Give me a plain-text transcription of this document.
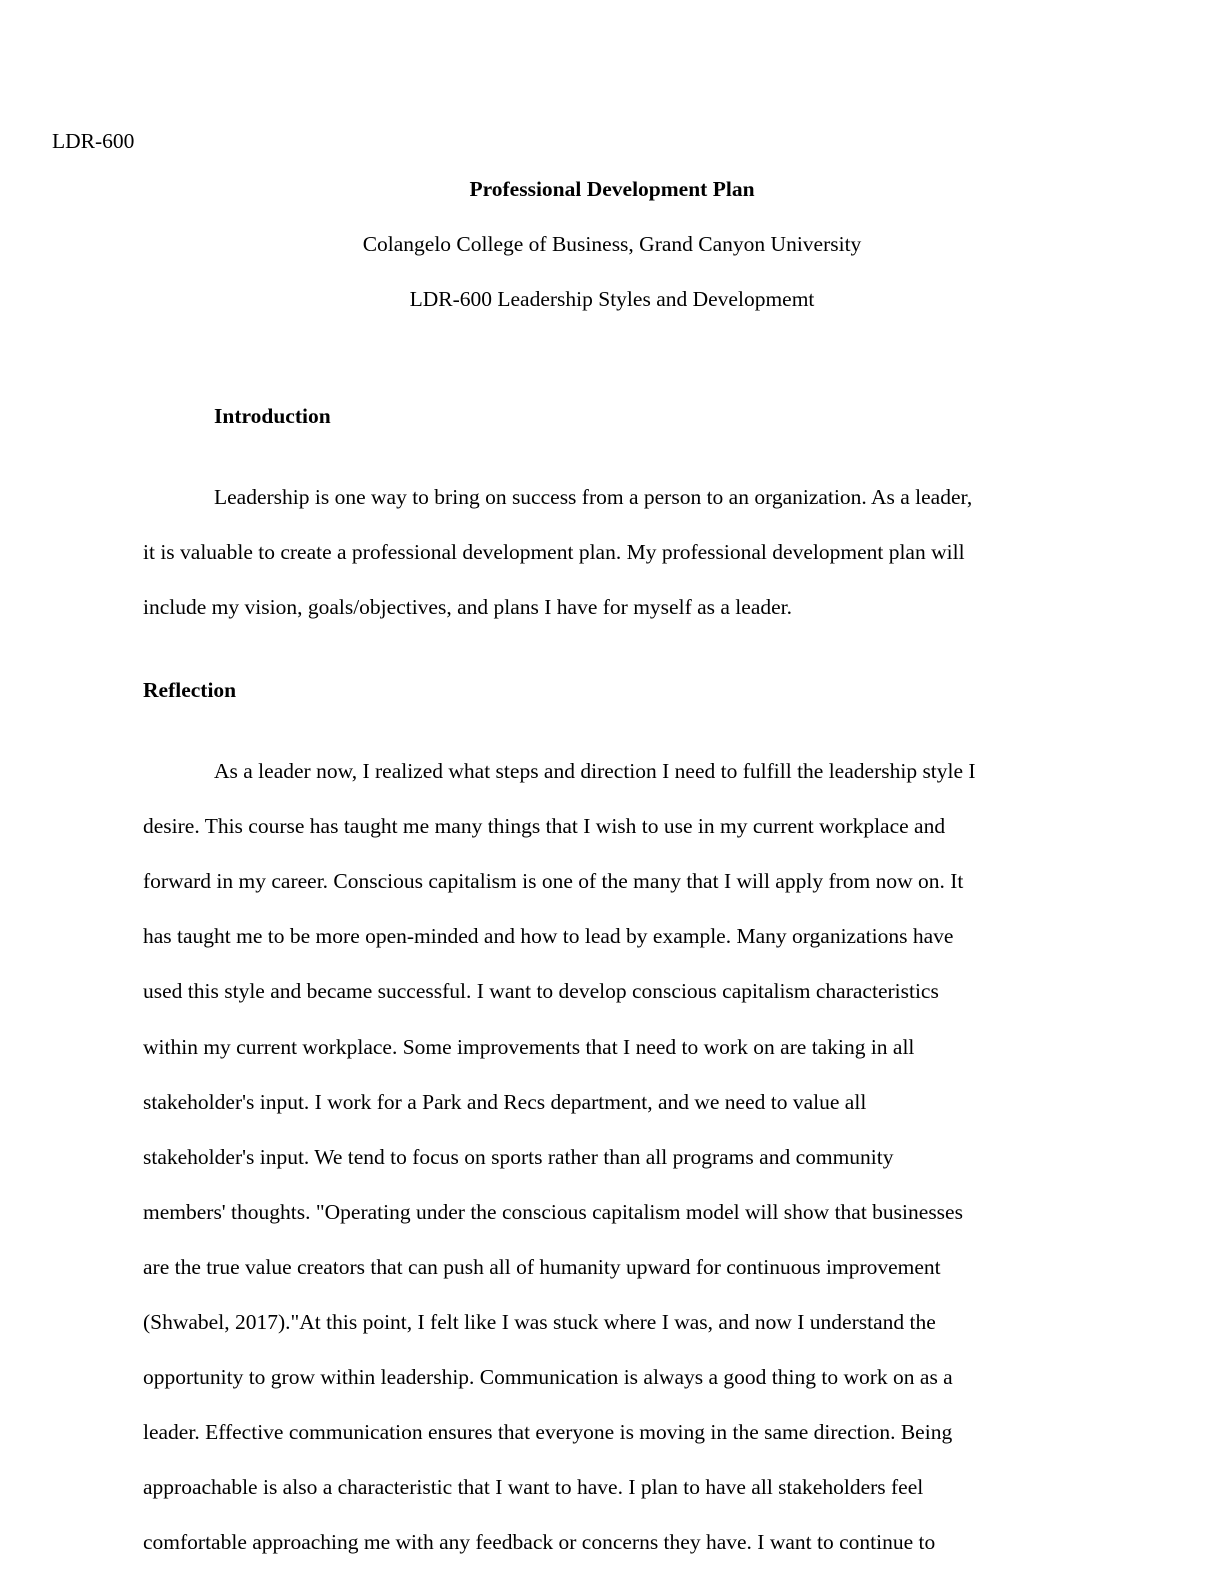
LDR-600
Professional Development Plan
Colangelo College of Business, Grand Canyon University
LDR-600 Leadership Styles and Developmemt
Introduction
Leadership is one way to bring on success from a person to an organization. As a leader,
it is valuable to create a professional development plan. My professional development plan will
include my vision, goals/objectives, and plans I have for myself as a leader.
Reflection
As a leader now, I realized what steps and direction I need to fulfill the leadership style I
desire. This course has taught me many things that I wish to use in my current workplace and
forward in my career. Conscious capitalism is one of the many that I will apply from now on. It
has taught me to be more open-minded and how to lead by example. Many organizations have
used this style and became successful. I want to develop conscious capitalism characteristics
within my current workplace. Some improvements that I need to work on are taking in all
stakeholder's input. I work for a Park and Recs department, and we need to value all
stakeholder's input. We tend to focus on sports rather than all programs and community
members' thoughts. "Operating under the conscious capitalism model will show that businesses
are the true value creators that can push all of humanity upward for continuous improvement
(Shwabel, 2017)."At this point, I felt like I was stuck where I was, and now I understand the
opportunity to grow within leadership. Communication is always a good thing to work on as a
leader. Effective communication ensures that everyone is moving in the same direction. Being
approachable is also a characteristic that I want to have. I plan to have all stakeholders feel
comfortable approaching me with any feedback or concerns they have. I want to continue to
